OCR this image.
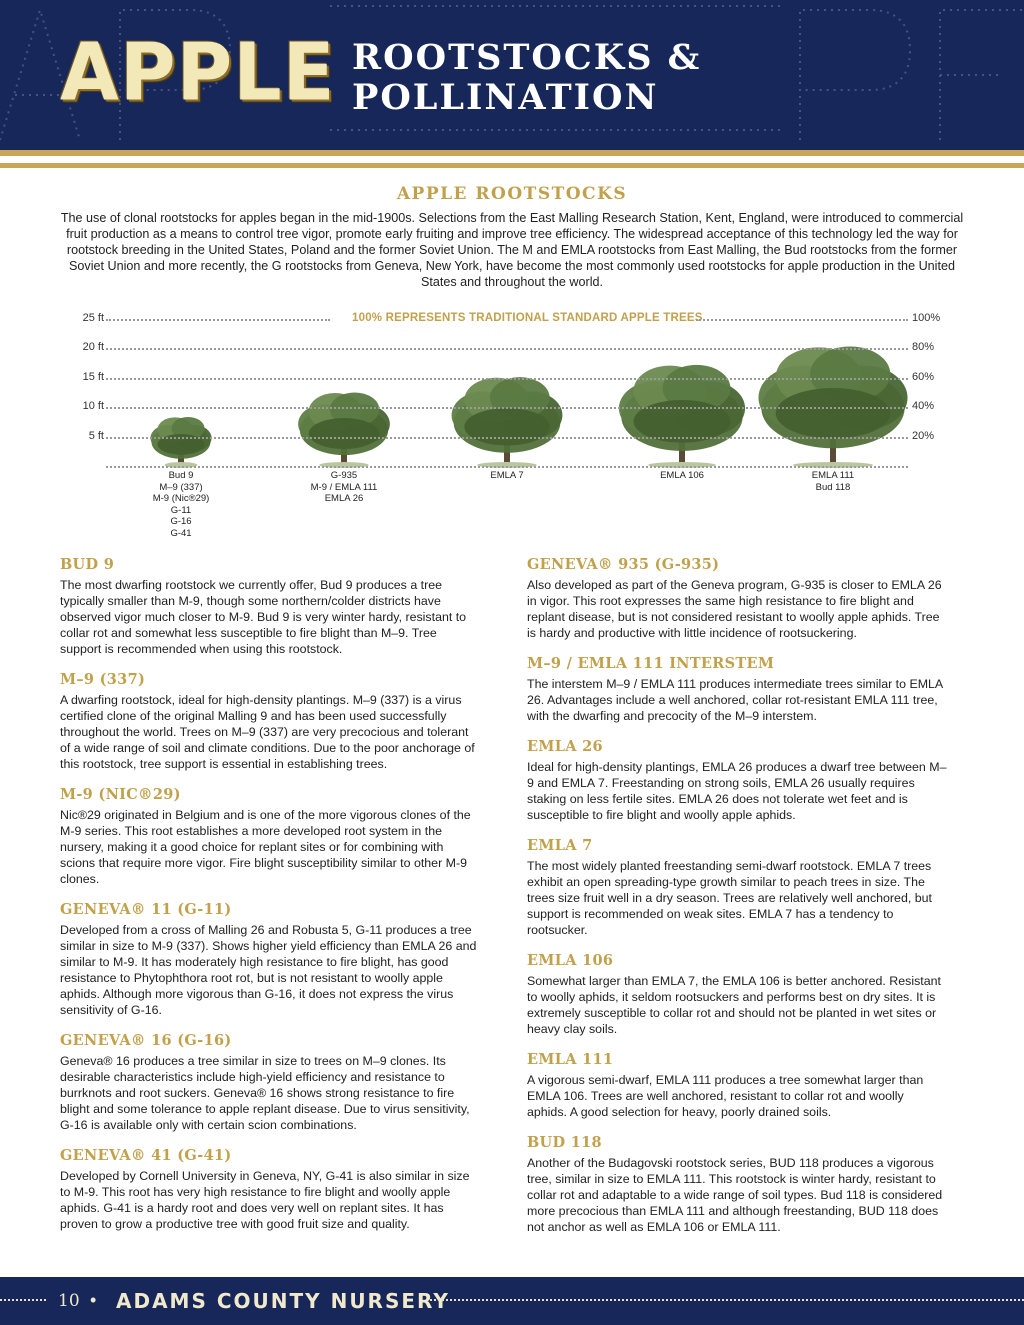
APPLE ROOTSTOCKS &
POLLINATION
APPLE ROOTSTOCKS

The use of clonal rootstocks for apples began in the mid-1900s. Selections from the East Malling Research Station, Kent, England, were introduced to commercial fruit production as a means to control tree vigor, promote early fruiting and improve tree efficiency. The widespread acceptance of this technology led the way for rootstock breeding in the United States, Poland and the former Soviet Union. The M and EMLA rootstocks from East Malling, the Bud rootstocks from the former Soviet Union and more recently, the G rootstocks from Geneva, New York, have become the most commonly used rootstocks for apple production in the United States and throughout the world.

100% REPRESENTS TRADITIONAL STANDARD APPLE TREES
25 ft	100%
20 ft	80%
15 ft	60%
10 ft	40%
5 ft	20%
Bud 9
M–9 (337)
M-9 (Nic®29)
G-11
G-16
G-41
G-935
M-9 / EMLA 111
EMLA 26
EMLA 7	EMLA 106	EMLA 111
Bud 118
BUD 9

The most dwarfing rootstock we currently offer, Bud 9 produces a tree typically smaller than M-9, though some northern/colder districts have observed vigor much closer to M-9. Bud 9 is very winter hardy, resistant to collar rot and somewhat less susceptible to fire blight than M–9. Tree support is recommended when using this rootstock.

M–9 (337)

A dwarfing rootstock, ideal for high-density plantings. M–9 (337) is a virus certified clone of the original Malling 9 and has been used successfully throughout the world. Trees on M–9 (337) are very precocious and tolerant of a wide range of soil and climate conditions. Due to the poor anchorage of this rootstock, tree support is essential in establishing trees.

M-9 (NIC®29)

Nic®29 originated in Belgium and is one of the more vigorous clones of the M-9 series. This root establishes a more developed root system in the nursery, making it a good choice for replant sites or for combining with scions that require more vigor. Fire blight susceptibility similar to other M-9 clones.

GENEVA® 11 (G-11)

Developed from a cross of Malling 26 and Robusta 5, G-11 produces a tree similar in size to M-9 (337). Shows higher yield efficiency than EMLA 26 and similar to M-9. It has moderately high resistance to fire blight, has good resistance to Phytophthora root rot, but is not resistant to woolly apple aphids. Although more vigorous than G-16, it does not express the virus sensitivity of G-16.

GENEVA® 16 (G-16)

Geneva® 16 produces a tree similar in size to trees on M–9 clones. Its desirable characteristics include high-yield efficiency and resistance to burrknots and root suckers. Geneva® 16 shows strong resistance to fire blight and some tolerance to apple replant disease. Due to virus sensitivity, G-16 is available only with certain scion combinations.

GENEVA® 41 (G-41)

Developed by Cornell University in Geneva, NY, G-41 is also similar in size to M-9. This root has very high resistance to fire blight and woolly apple aphids. G-41 is a hardy root and does very well on replant sites. It has proven to grow a productive tree with good fruit size and quality.

GENEVA® 935 (G-935)

Also developed as part of the Geneva program, G-935 is closer to EMLA 26 in vigor. This root expresses the same high resistance to fire blight and replant disease, but is not considered resistant to woolly apple aphids. Tree is hardy and productive with little incidence of rootsuckering.

M–9 / EMLA 111 INTERSTEM

The interstem M–9 / EMLA 111 produces intermediate trees similar to EMLA 26. Advantages include a well anchored, collar rot-resistant EMLA 111 tree, with the dwarfing and precocity of the M–9 interstem.

EMLA 26

Ideal for high-density plantings, EMLA 26 produces a dwarf tree between M–9 and EMLA 7. Freestanding on strong soils, EMLA 26 usually requires staking on less fertile sites. EMLA 26 does not tolerate wet feet and is susceptible to fire blight and woolly apple aphids.

EMLA 7

The most widely planted freestanding semi-dwarf rootstock. EMLA 7 trees exhibit an open spreading-type growth similar to peach trees in size. The trees size fruit well in a dry season. Trees are relatively well anchored, but support is recommended on weak sites. EMLA 7 has a tendency to rootsucker.

EMLA 106

Somewhat larger than EMLA 7, the EMLA 106 is better anchored. Resistant to woolly aphids, it seldom rootsuckers and performs best on dry sites. It is extremely susceptible to collar rot and should not be planted in wet sites or heavy clay soils.

EMLA 111

A vigorous semi-dwarf, EMLA 111 produces a tree somewhat larger than EMLA 106. Trees are well anchored, resistant to collar rot and woolly aphids. A good selection for heavy, poorly drained soils.

BUD 118

Another of the Budagovski rootstock series, BUD 118 produces a vigorous tree, similar in size to EMLA 111. This rootstock is winter hardy, resistant to collar rot and adaptable to a wide range of soil types. Bud 118 is considered more precocious than EMLA 111 and although freestanding, BUD 118 does not anchor as well as EMLA 106 or EMLA 111.

10 • ADAMS COUNTY NURSERY
